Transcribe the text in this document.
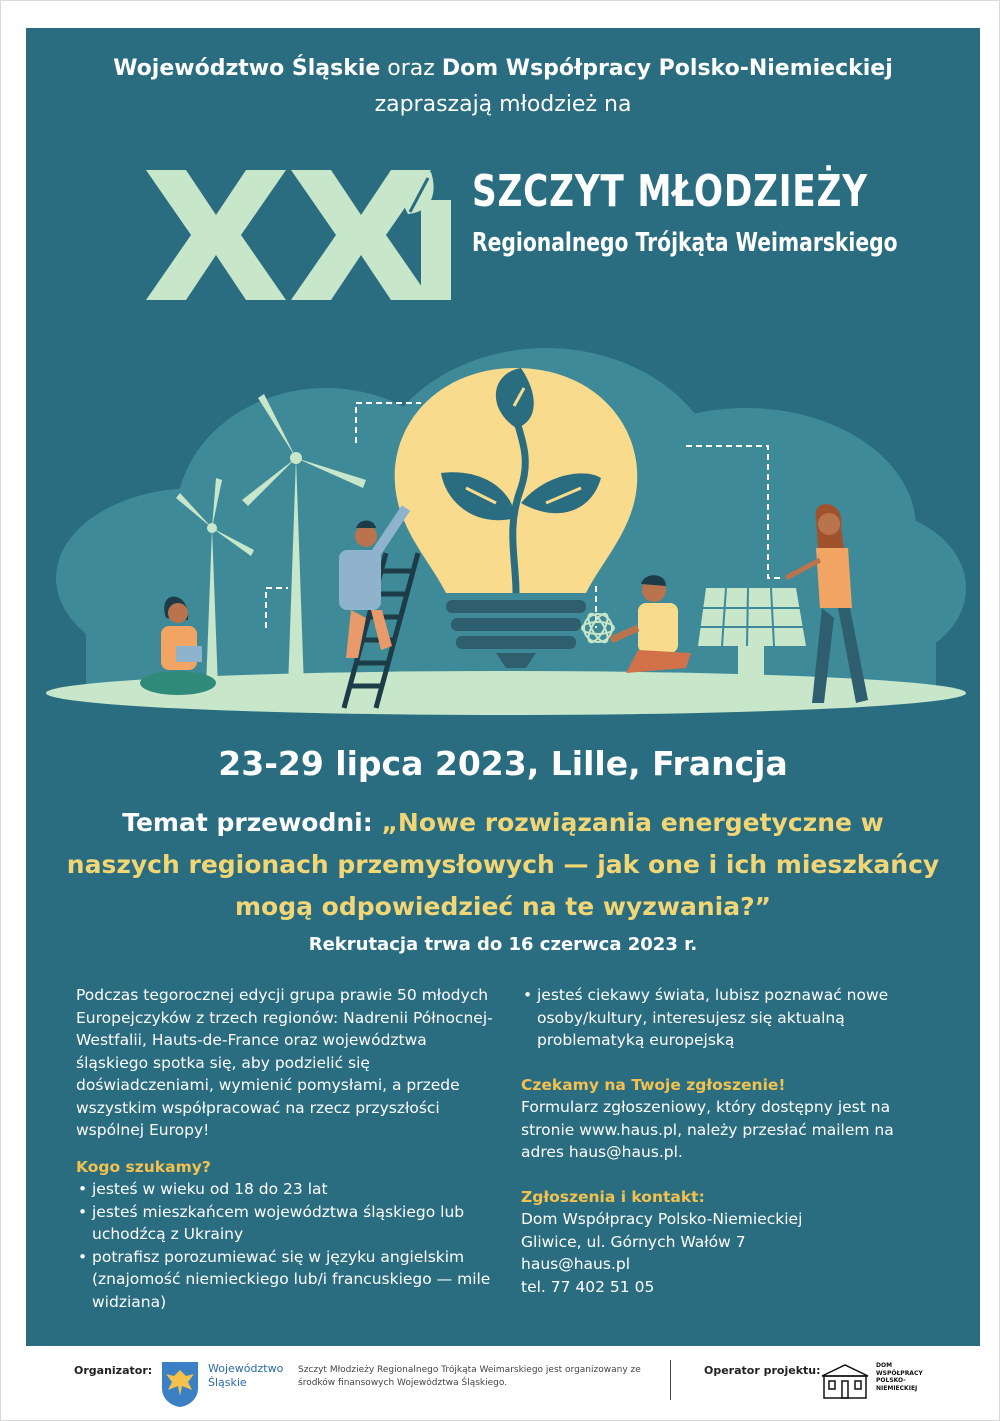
Województwo Śląskie oraz Dom Współpracy Polsko-Niemieckiej
zapraszają młodzież na
SZCZYT MŁODZIEŻY
Regionalnego Trójkąta Weimarskiego
23-29 lipca 2023, Lille, Francja
Temat przewodni: „Nowe rozwiązania energetyczne w naszych regionach przemysłowych — jak one i ich mieszkańcy mogą odpowiedzieć na te wyzwania?”
Rekrutacja trwa do 16 czerwca 2023 r.

Podczas tegorocznej edycji grupa prawie 50 młodych Europejczyków z trzech regionów: Nadrenii Północnej-Westfalii, Hauts-de-France oraz województwa śląskiego spotka się, aby podzielić się doświadczeniami, wymienić pomysłami, a przede wszystkim współpracować na rzecz przyszłości wspólnej Europy!

Kogo szukamy?
• jesteś w wieku od 18 do 23 lat
• jesteś mieszkańcem województwa śląskiego lub uchodźcą z Ukrainy
• potrafisz porozumiewać się w języku angielskim (znajomość niemieckiego lub/i francuskiego — mile widziana)
• jesteś ciekawy świata, lubisz poznawać nowe osoby/kultury, interesujesz się aktualną problematyką europejską
Czekamy na Twoje zgłoszenie!

Formularz zgłoszeniowy, który dostępny jest na stronie www.haus.pl, należy przesłać mailem na adres haus@haus.pl.

Zgłoszenia i kontakt:

Dom Współpracy Polsko-Niemieckiej

Gliwice, ul. Górnych Wałów 7

haus@haus.pl

tel. 77 402 51 05

Organizator:	Województwo
Śląskie
Szczyt Młodzieży Regionalnego Trójkąta Weimarskiego jest organizowany ze środków finansowych Województwa Śląskiego.
Operator projektu:	DOM WSPÓŁPRACY POLSKO-NIEMIECKIEJ
